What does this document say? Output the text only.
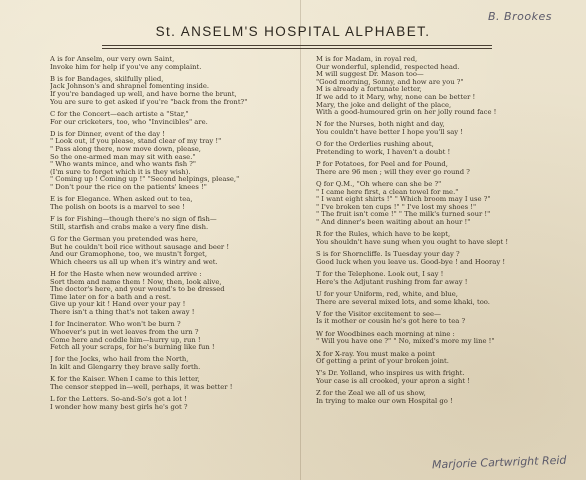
St. ANSELM'S HOSPITAL ALPHABET.
B. Brookes
Marjorie Cartwright Reid
A is for Anselm, our very own Saint,
Invoke him for help if you've any complaint.
B is for Bandages, skilfully plied,
Jack Johnson's and shrapnel fomenting inside.
If you're bandaged up well, and have borne the brunt,
You are sure to get asked if you're "back from the front?"
C for the Concert—each artiste a "Star,"
For our cricketers, too, who "Invincibles" are.
D is for Dinner, event of the day !
" Look out, if you please, stand clear of my tray !"
" Pass along there, now move down, please,
So the one-armed man may sit with ease."
" Who wants mince, and who wants fish ?"
(I'm sure to forget which it is they wish).
" Coming up ! Coming up !" "Second helpings, please,"
" Don't pour the rice on the patients' knees !"
E is for Elegance. When asked out to tea,
The polish on boots is a marvel to see !
F is for Fishing—though there's no sign of fish—
Still, starfish and crabs make a very fine dish.
G for the German you pretended was here,
But he couldn't boil rice without sausage and beer !
And our Gramophone, too, we mustn't forget,
Which cheers us all up when it's wintry and wet.
H for the Haste when new wounded arrive :
Sort them and name them ! Now, then, look alive,
The doctor's here, and your wound's to be dressed
Time later on for a bath and a rest.
Give up your kit ! Hand over your pay !
There isn't a thing that's not taken away !
I for Incinerator. Who won't be burn ?
Whoever's put in wet leaves from the urn ?
Come here and coddle him—hurry up, run !
Fetch all your scraps, for he's burning like fun !
J for the Jocks, who hail from the North,
In kilt and Glengarry they brave sally forth.
K for the Kaiser. When I came to this letter,
The censor stepped in—well, perhaps, it was better !
L for the Letters. So-and-So's got a lot !
I wonder how many best girls he's got ?
M is for Madam, in royal red,
Our wonderful, splendid, respected head.
M will suggest Dr. Mason too—
"Good morning, Sonny, and how are you ?"
M is already a fortunate letter,
If we add to it Mary, why, none can be better !
Mary, the joke and delight of the place,
With a good-humoured grin on her jolly round face !
N for the Nurses, both night and day,
You couldn't have better I hope you'll say !
O for the Orderlies rushing about,
Pretending to work, I haven't a doubt !
P for Potatoes, for Peel and for Pound,
There are 96 men ; will they ever go round ?
Q for Q.M., "Oh where can she be ?"
" I came here first, a clean towel for me."
" I want eight shirts !" " Which broom may I use ?"
" I've broken ten cups !" " I've lost my shoes !"
" The fruit isn't come !" " The milk's turned sour !"
" And dinner's been waiting about an hour !"
R for the Rules, which have to be kept,
You shouldn't have sung when you ought to have slept !
S is for Shorncliffe. Is Tuesday your day ?
Good luck when you leave us. Good-bye ! and Hooray !
T for the Telephone. Look out, I say !
Here's the Adjutant rushing from far away !
U for your Uniform, red, white, and blue,
There are several mixed lots, and some khaki, too.
V for the Visitor excitement to see—
Is it mother or cousin he's got here to tea ?
W for Woodbines each morning at nine :
" Will you have one ?" " No, mixed's more my line !"
X for X-ray. You must make a point
Of getting a print of your broken joint.
Y's Dr. Yolland, who inspires us with fright.
Your case is all crooked, your apron a sight !
Z for the Zeal we all of us show,
In trying to make our own Hospital go !
